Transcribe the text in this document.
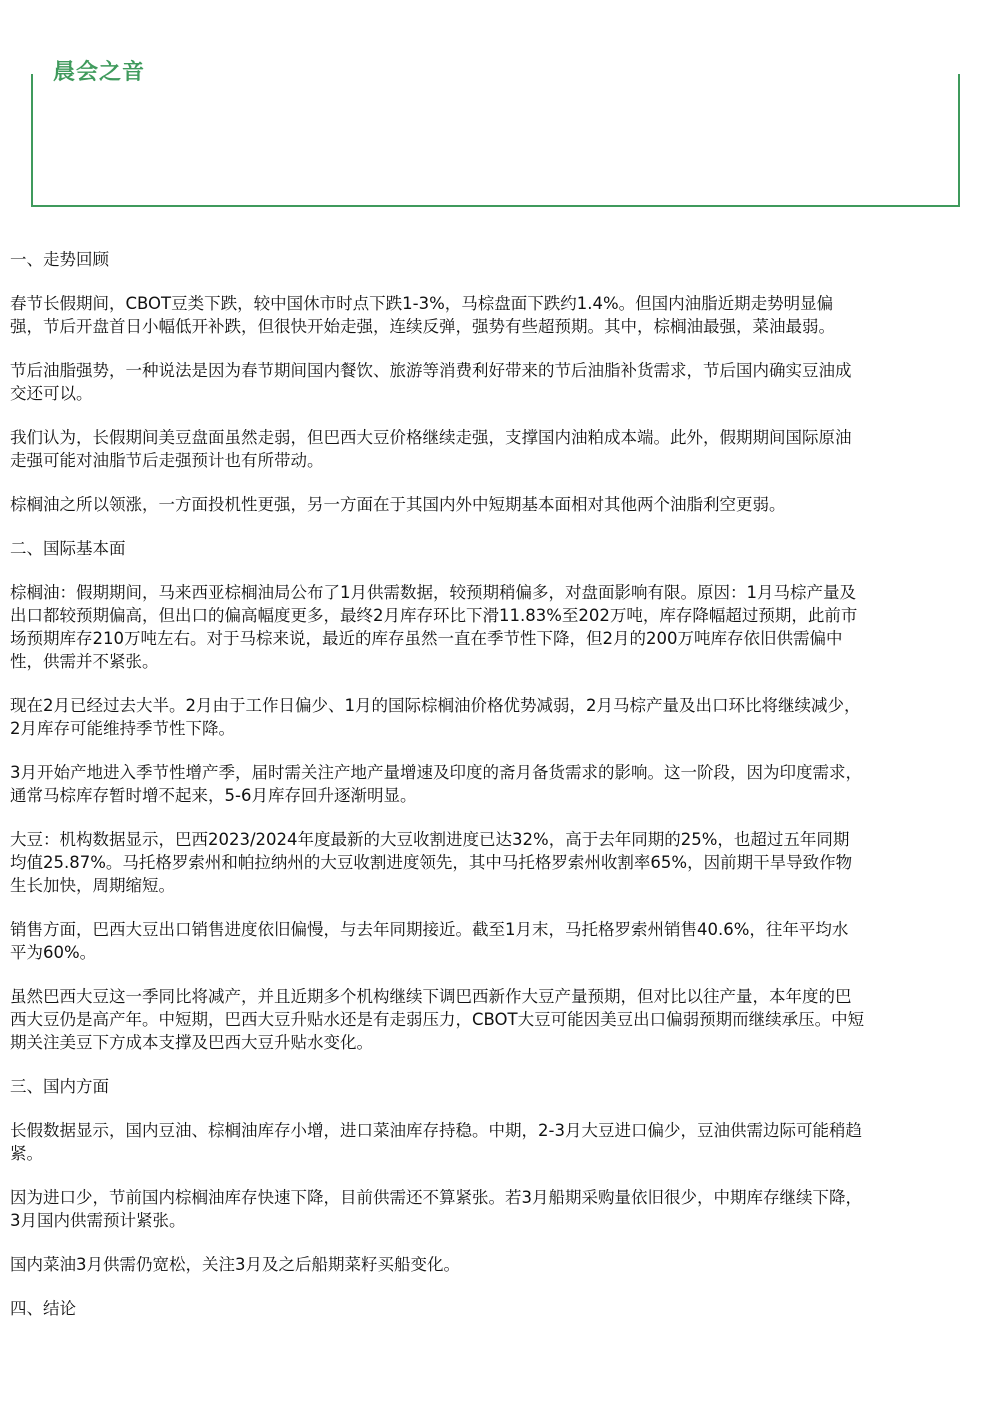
晨会之音

一、走势回顾

春节长假期间，CBOT豆类下跌，较中国休市时点下跌1-3%，马棕盘面下跌约1.4%。但国内油脂近期走势明显偏
强，节后开盘首日小幅低开补跌，但很快开始走强，连续反弹，强势有些超预期。其中，棕榈油最强，菜油最弱。

节后油脂强势，一种说法是因为春节期间国内餐饮、旅游等消费利好带来的节后油脂补货需求，节后国内确实豆油成
交还可以。

我们认为，长假期间美豆盘面虽然走弱，但巴西大豆价格继续走强，支撑国内油粕成本端。此外，假期期间国际原油
走强可能对油脂节后走强预计也有所带动。

棕榈油之所以领涨，一方面投机性更强，另一方面在于其国内外中短期基本面相对其他两个油脂利空更弱。

二、国际基本面

棕榈油：假期期间，马来西亚棕榈油局公布了1月供需数据，较预期稍偏多，对盘面影响有限。原因：1月马棕产量及
出口都较预期偏高，但出口的偏高幅度更多，最终2月库存环比下滑11.83%至202万吨，库存降幅超过预期，此前市
场预期库存210万吨左右。对于马棕来说，最近的库存虽然一直在季节性下降，但2月的200万吨库存依旧供需偏中
性，供需并不紧张。

现在2月已经过去大半。2月由于工作日偏少、1月的国际棕榈油价格优势减弱，2月马棕产量及出口环比将继续减少，
2月库存可能维持季节性下降。

3月开始产地进入季节性增产季，届时需关注产地产量增速及印度的斋月备货需求的影响。这一阶段，因为印度需求，
通常马棕库存暂时增不起来，5-6月库存回升逐渐明显。

大豆：机构数据显示，巴西2023/2024年度最新的大豆收割进度已达32%，高于去年同期的25%，也超过五年同期
均值25.87%。马托格罗索州和帕拉纳州的大豆收割进度领先，其中马托格罗索州收割率65%，因前期干旱导致作物
生长加快，周期缩短。

销售方面，巴西大豆出口销售进度依旧偏慢，与去年同期接近。截至1月末，马托格罗索州销售40.6%，往年平均水
平为60%。

虽然巴西大豆这一季同比将减产，并且近期多个机构继续下调巴西新作大豆产量预期，但对比以往产量，本年度的巴
西大豆仍是高产年。中短期，巴西大豆升贴水还是有走弱压力，CBOT大豆可能因美豆出口偏弱预期而继续承压。中短
期关注美豆下方成本支撑及巴西大豆升贴水变化。

三、国内方面

长假数据显示，国内豆油、棕榈油库存小增，进口菜油库存持稳。中期，2-3月大豆进口偏少，豆油供需边际可能稍趋
紧。

因为进口少，节前国内棕榈油库存快速下降，目前供需还不算紧张。若3月船期采购量依旧很少，中期库存继续下降，
3月国内供需预计紧张。

国内菜油3月供需仍宽松，关注3月及之后船期菜籽买船变化。

四、结论
